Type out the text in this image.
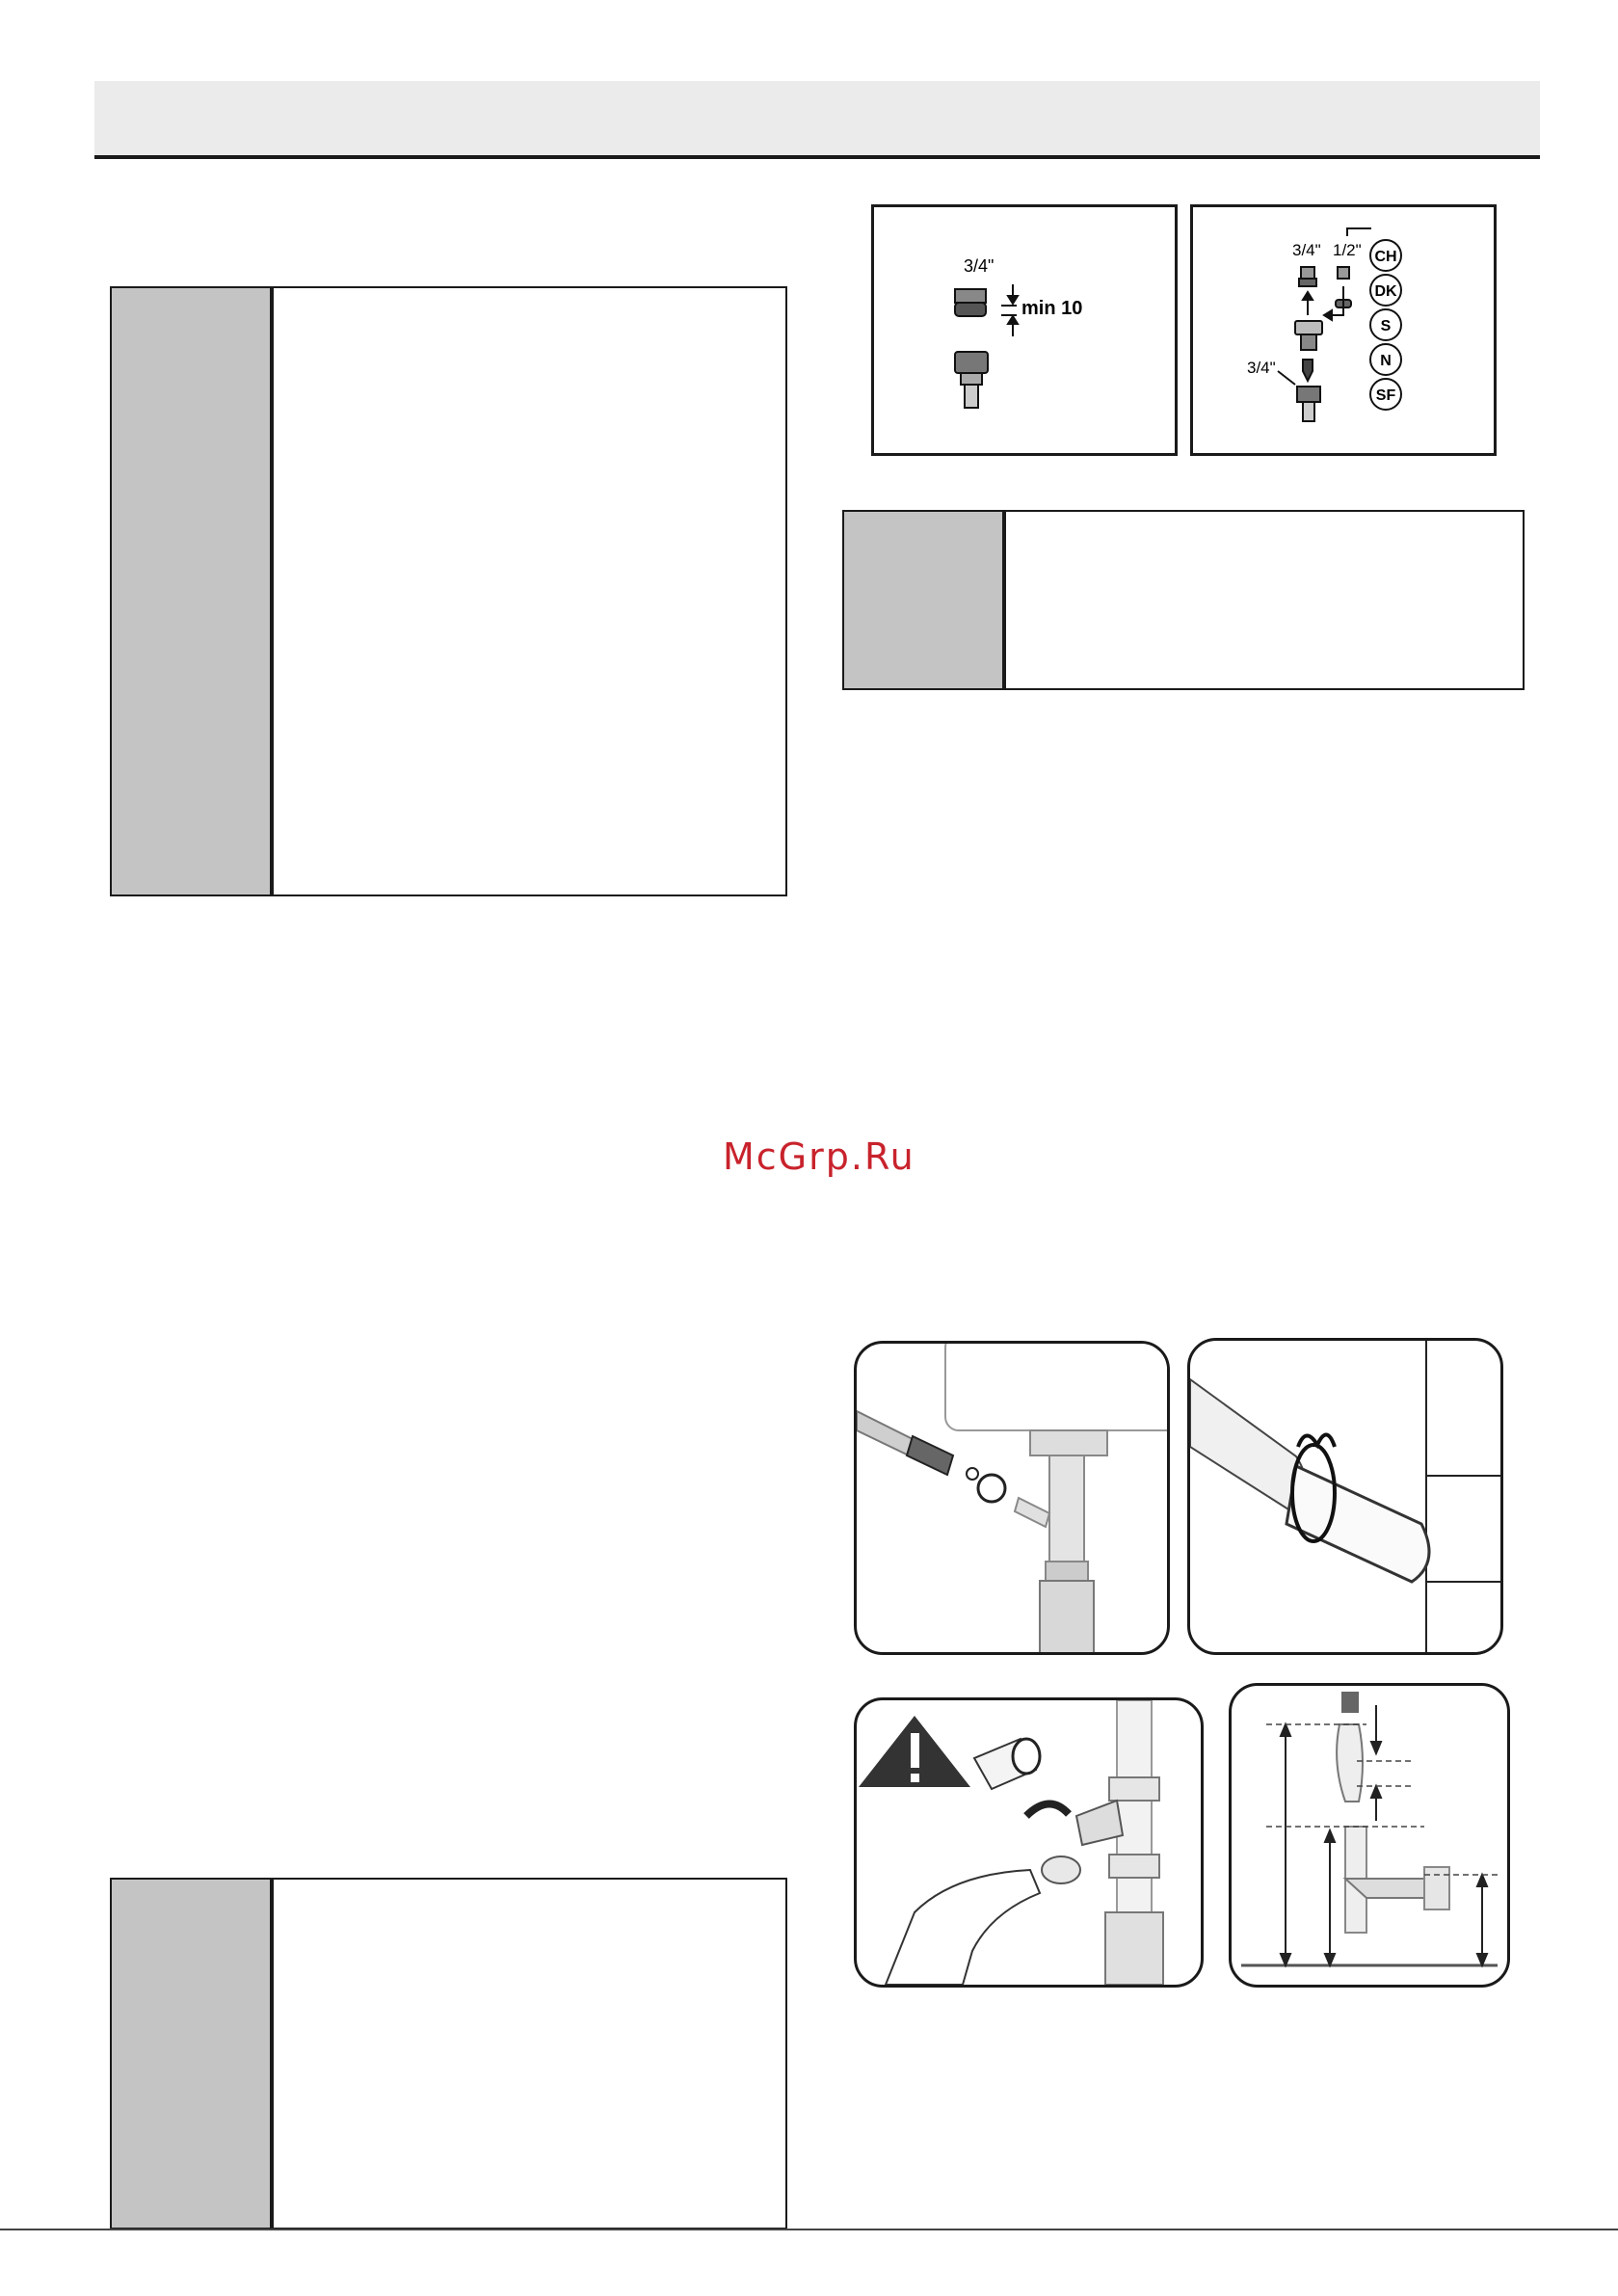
3/4"
min 10
3/4" 1/2"
3/4"
CH
DK
S
N
SF
McGrp.Ru
